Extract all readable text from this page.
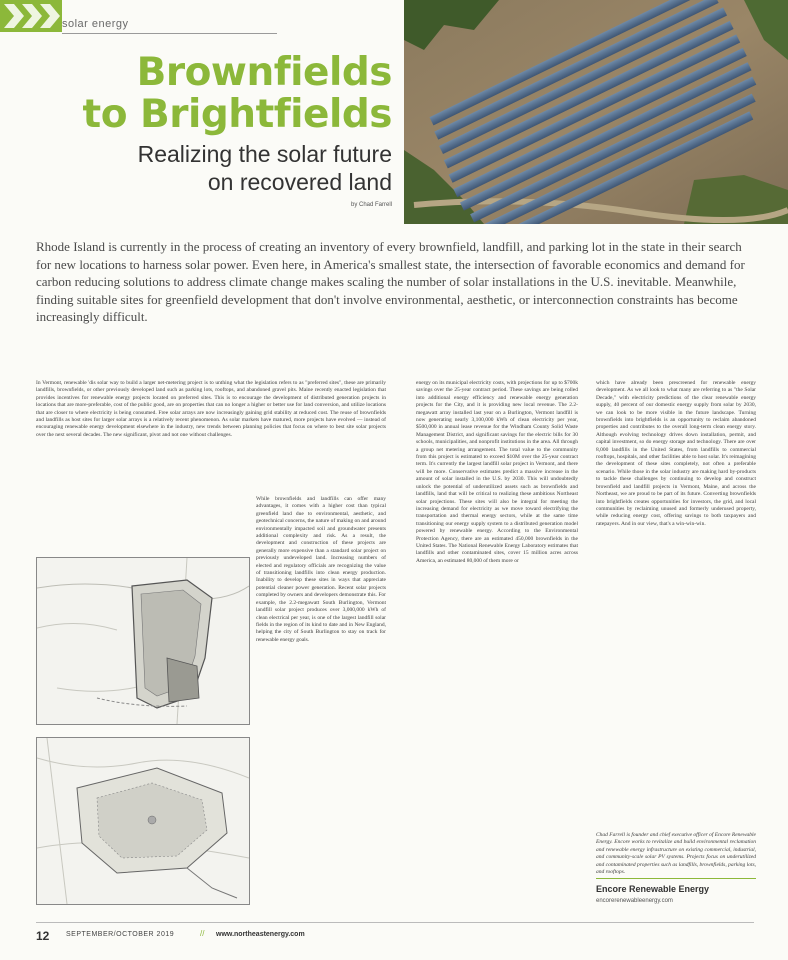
solar energy
Brownfields
to Brightfields
Realizing the solar future
on recovered land
by Chad Farrell
Rhode Island is currently in the process of creating an inventory of every brownfield, landfill, and parking lot in the state in their search for new locations to harness solar power. Even here, in America's smallest state, the intersection of favorable economics and demand for carbon reducing solutions to address climate change makes scaling the number of solar installations in the U.S. inevitable. Meanwhile, finding suitable sites for greenfield development that don't involve environmental, aesthetic, or interconnection constraints has become increasingly difficult.
In Vermont, renewable 'dis solar way to build a larger net-metering project is to unthing what the legislation refers to as "preferred sites", these are primarily landfills, brownfields, or other previously developed land such as parking lots, rooftops, and abandoned gravel pits. Maine recently enacted legislation that provides incentives for renewable energy projects located on preferred sites. This is to encourage the development of distributed generation projects in locations that are more-preferable, cost of the public good, are on properties that can no longer a higher or better use for land conversion, and utilize locations that are closer to where electricity is being consumed. Free solar arrays are now increasingly gaining grid stability at reduced cost. The reuse of brownfields and landfills as host sites for larger solar arrays is a relatively recent phenomenon. As solar markets have matured, more projects have evolved — instead of encouraging renewable energy development elsewhere in the industry, new trends between planning policies that focus on where to best site solar projects over the next several decades. The new significant, pivot and not one without challenges.
While brownfields and landfills can offer many advantages, it comes with a higher cost than typical greenfield land due to environmental, aesthetic, and geotechnical concerns, the nature of making on and around environmentally impacted soil and groundwater presents additional complexity and risk. As a result, the development and construction of these projects are generally more expensive than a standard solar project on previously undeveloped land. Increasing numbers of elected and regulatory officials are recognizing the value of transitioning landfills into clean energy production. Inability to develop these sites in ways that appreciate potential cleaner power generation. Recent solar projects completed by owners and developers demonstrate this. For example, the 2.2-megawatt South Burlington, Vermont landfill solar project produces over 3,000,000 kWh of clean electrical per year, is one of the largest landfill solar fields in the region of its kind to date and in New England, helping the city of South Burlington to stay on track for renewable energy goals.
energy on its municipal electricity costs, with projections for up to $700k savings over the 25-year contract period. These savings are being rolled into additional energy efficiency and renewable energy generation projects for the City, and it is providing new local revenue. The 2.2-megawatt array installed last year on a Burlington, Vermont landfill is now generating nearly 3,100,000 kWh of clean electricity per year, $500,000 in annual lease revenue for the Windham County Solid Waste Management District, and significant savings for the electric bills for 30 schools, municipalities, and nonprofit institutions in the area. All through a group net metering arrangement. The total value to the community from this project is estimated to exceed $10M over the 25-year contract term. It's currently the largest landfill solar project in Vermont, and there will be more. Conservative estimates predict a massive increase in the amount of solar installed in the U.S. by 2030. This will undoubtedly unlock the potential of underutilized assets such as brownfields and landfills, land that will be critical to realizing these ambitious Northeast solar projections. These sites will also be integral for meeting the increasing demand for electricity as we move toward electrifying the transportation and thermal energy sectors, while at the same time transitioning our energy supply system to a distributed generation model powered by renewable energy. According to the Environmental Protection Agency, there are an estimated 450,000 brownfields in the United States. The National Renewable Energy Laboratory estimates that landfills and other contaminated sites, cover 15 million acres across America, an estimated 80,000 of them more or
which have already been prescreened for renewable energy development. As we all look to what many are referring to as "the Solar Decade," with electricity predictions of the clear renewable energy supply, 40 percent of our domestic energy supply from solar by 2030, we can look to be more visible in the future landscape. Turning brownfields into brightfields is an opportunity to reclaim abandoned properties and contributes to the overall long-term clean energy story. Although evolving technology drives down installation, permit, and capital investment, so do energy storage and technology. There are over 8,000 landfills in the United States, from landfills to commercial rooftops, hospitals, and other facilities able to host solar. It's reimagining the development of these sites completely, not often a preferable scenario. While those in the solar industry are making hard by-products to tackle these challenges by continuing to develop and construct brownfield and landfill projects in Vermont, Maine, and across the Northeast, we are proud to be part of its future. Converting brownfields into brightfields creates opportunities for investors, the grid, and local communities by reclaiming unused and formerly underused property, while reducing energy cost, offering savings to both taxpayers and ratepayers. And in our view, that's a win-win-win.
Chad Farrell is founder and chief executive officer of Encore Renewable Energy. Encore works to revitalize and build environmental reclamation and renewable energy infrastructure on existing commercial, industrial, and community-scale solar PV systems. Projects focus on underutilized and contaminated properties such as landfills, brownfields, parking lots, and rooftops.
Encore Renewable Energy
encorerenewableenergy.com
12 SEPTEMBER/OCTOBER 2019	// www.northeastenergy.com
